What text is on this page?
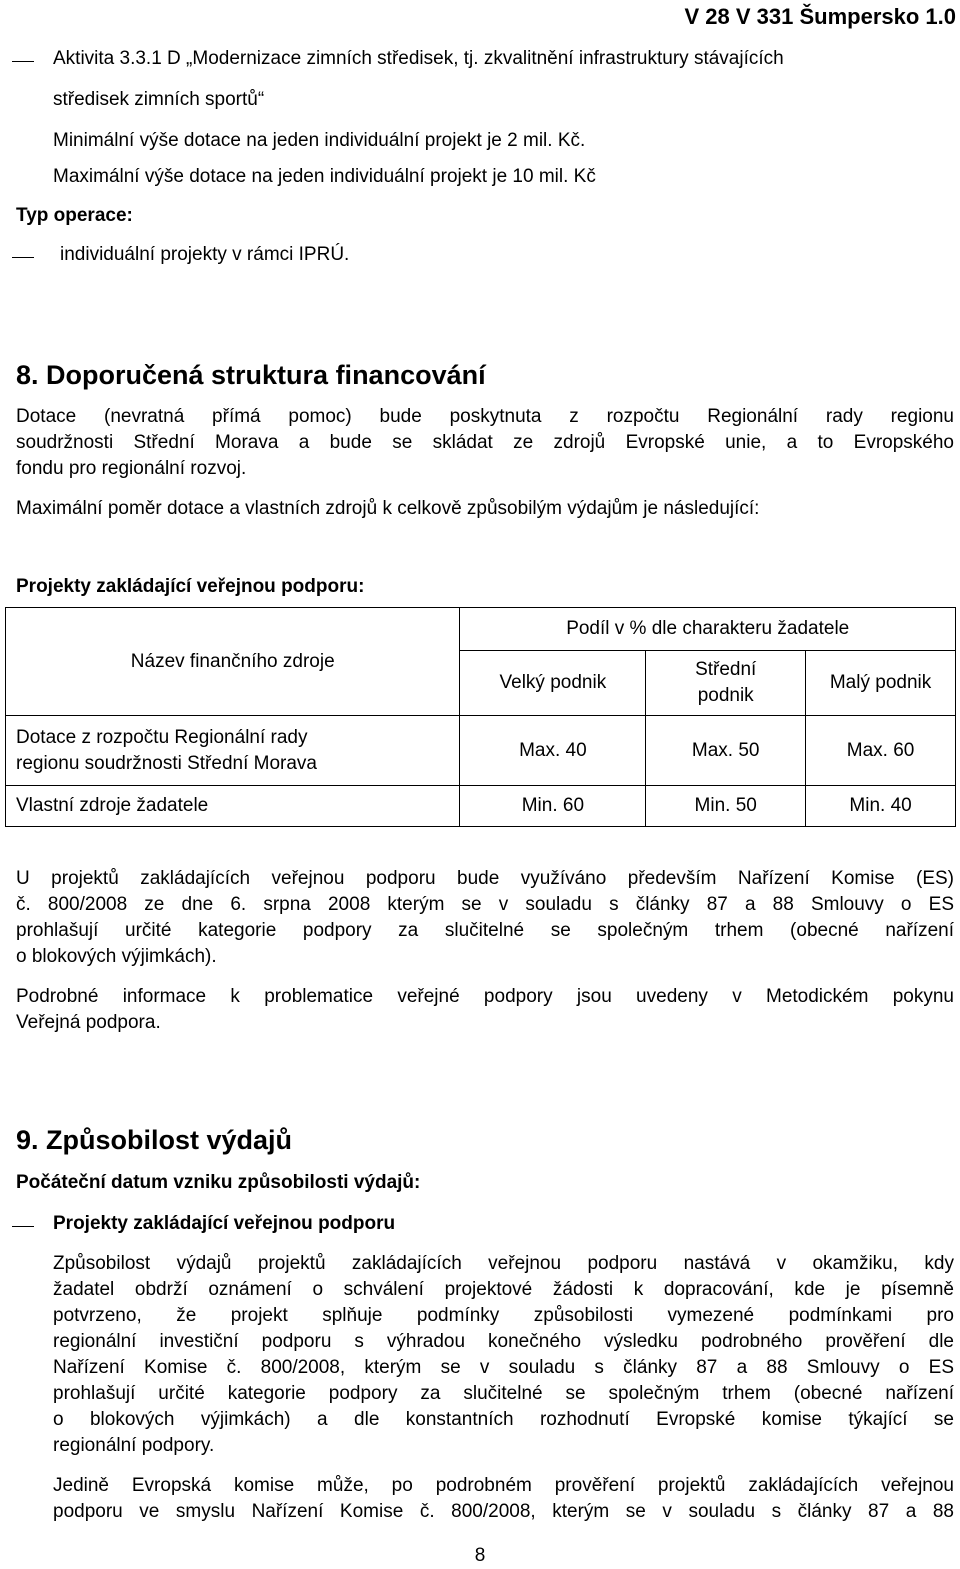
V 28 V 331 Šumpersko 1.0
Aktivita 3.3.1 D „Modernizace zimních středisek, tj. zkvalitnění infrastruktury stávajících
středisek zimních sportů“
Minimální výše dotace na jeden individuální projekt je 2 mil. Kč.
Maximální výše dotace na jeden individuální projekt je 10 mil. Kč
Typ operace:
individuální projekty v rámci IPRÚ.
8. Doporučená struktura financování
Dotace (nevratná přímá pomoc) bude poskytnuta z rozpočtu Regionální rady regionu
soudržnosti Střední Morava a bude se skládat ze zdrojů Evropské unie, a to Evropského
fondu pro regionální rozvoj.
Maximální poměr dotace a vlastních zdrojů k celkově způsobilým výdajům je následující:
Projekty zakládající veřejnou podporu:
Název finančního zdroje	Podíl v % dle charakteru žadatele		
	Velký podnik	Střední
podnik	Malý podnik
Dotace z rozpočtu Regionální rady
regionu soudržnosti Střední Morava	Max. 40	Max. 50	Max. 60
Vlastní zdroje žadatele	Min. 60	Min. 50	Min. 40
U projektů zakládajících veřejnou podporu bude využíváno především Nařízení Komise (ES)
č. 800/2008 ze dne 6. srpna 2008 kterým se v souladu s články 87 a 88 Smlouvy o ES
prohlašují určité kategorie podpory za slučitelné se společným trhem (obecné nařízení
o blokových výjimkách).
Podrobné informace k problematice veřejné podpory jsou uvedeny v Metodickém pokynu
Veřejná podpora.
9. Způsobilost výdajů
Počáteční datum vzniku způsobilosti výdajů:
Projekty zakládající veřejnou podporu
Způsobilost výdajů projektů zakládajících veřejnou podporu nastává v okamžiku, kdy
žadatel obdrží oznámení o schválení projektové žádosti k dopracování, kde je písemně
potvrzeno, že projekt splňuje podmínky způsobilosti vymezené podmínkami pro
regionální investiční podporu s výhradou konečného výsledku podrobného prověření dle
Nařízení Komise č. 800/2008, kterým se v souladu s články 87 a 88 Smlouvy o ES
prohlašují určité kategorie podpory za slučitelné se společným trhem (obecné nařízení
o blokových výjimkách) a dle konstantních rozhodnutí Evropské komise týkající se
regionální podpory.
Jedině Evropská komise může, po podrobném prověření projektů zakládajících veřejnou
podporu ve smyslu Nařízení Komise č. 800/2008, kterým se v souladu s články 87 a 88
8
